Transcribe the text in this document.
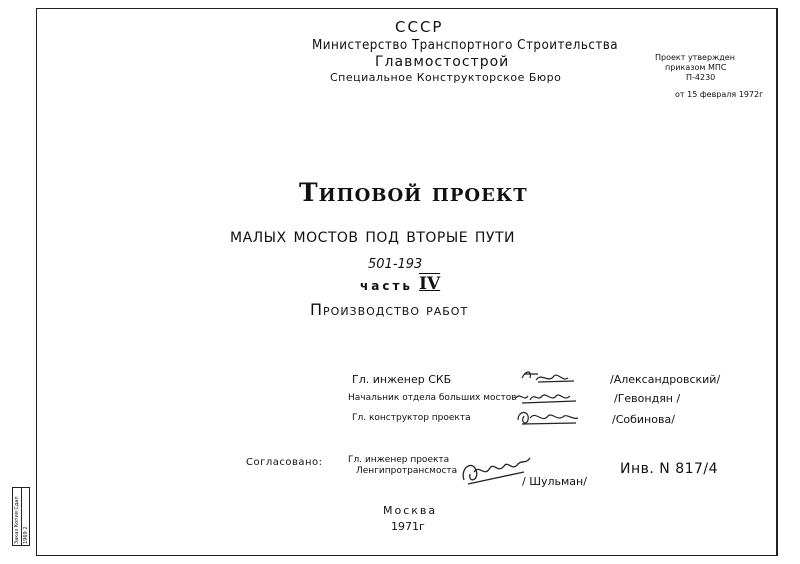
СССР
Министерство Транспортного Строительства
Главмостострой
Специальное Конструкторское Бюро
Проект утвержден
приказом МПС
П-4230
от 15 февраля 1972г
Типовой проект
малых мостов под вторые пути
501-193
часть IV
Производство работ
Гл. инженер СКБ
Начальник отдела больших мостов
Гл. конструктор проекта
/Александровский/
/Гевондян /
/Собинова/
Согласовано:	Гл. инженер проекта
Ленгипротрансмоста
/ Шульман/
Инв. N 817/4
Москва
1971г
Заказ Копия Сдал 1969 2
